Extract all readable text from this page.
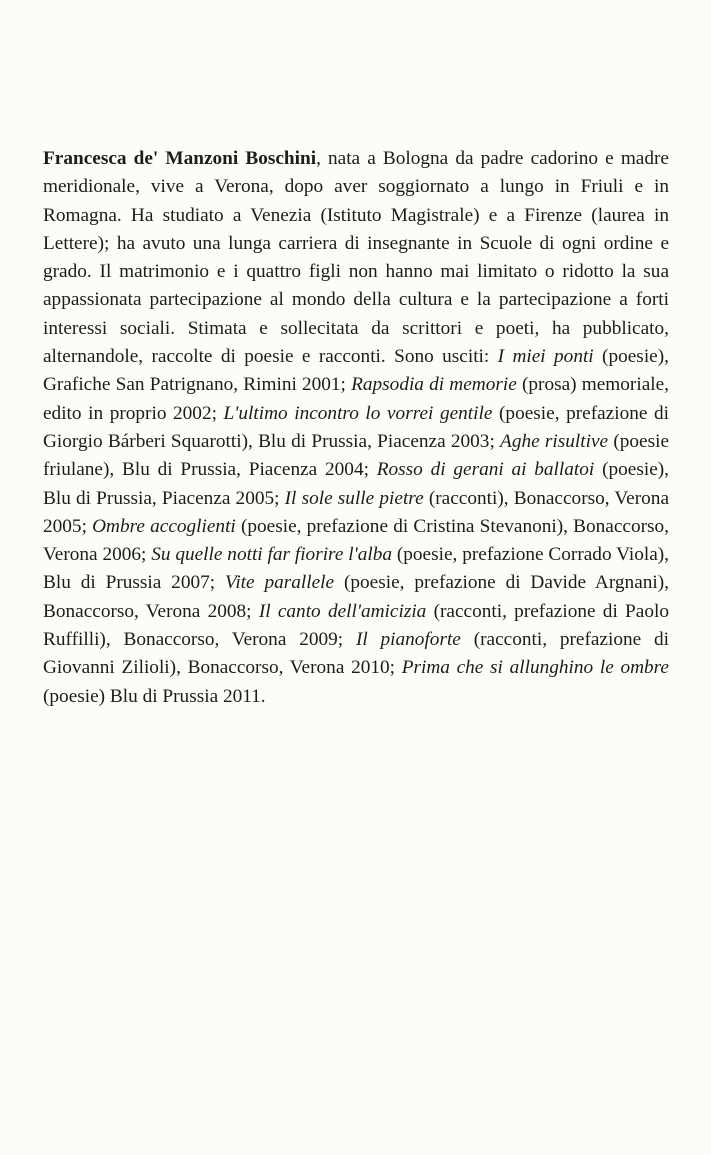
Francesca de' Manzoni Boschini, nata a Bologna da padre cadorino e madre meridionale, vive a Verona, dopo aver soggiornato a lungo in Friuli e in Romagna. Ha studiato a Venezia (Istituto Magistrale) e a Firenze (laurea in Lettere); ha avuto una lunga carriera di insegnante in Scuole di ogni ordine e grado. Il matrimonio e i quattro figli non hanno mai limitato o ridotto la sua appassionata partecipazione al mondo della cultura e la partecipazione a forti interessi sociali. Stimata e sollecitata da scrittori e poeti, ha pubblicato, alternandole, raccolte di poesie e racconti. Sono usciti: I miei ponti (poesie), Grafiche San Patrignano, Rimini 2001; Rapsodia di memorie (prosa) memoriale, edito in proprio 2002; L'ultimo incontro lo vorrei gentile (poesie, prefazione di Giorgio Bárberi Squarotti), Blu di Prussia, Piacenza 2003; Aghe risultive (poesie friulane), Blu di Prussia, Piacenza 2004; Rosso di gerani ai ballatoi (poesie), Blu di Prussia, Piacenza 2005; Il sole sulle pietre (racconti), Bonaccorso, Verona 2005; Ombre accoglienti (poesie, prefazione di Cristina Stevanoni), Bonaccorso, Verona 2006; Su quelle notti far fiorire l'alba (poesie, prefazione Corrado Viola), Blu di Prussia 2007; Vite parallele (poesie, prefazione di Davide Argnani), Bonaccorso, Verona 2008; Il canto dell'amicizia (racconti, prefazione di Paolo Ruffilli), Bonaccorso, Verona 2009; Il pianoforte (racconti, prefazione di Giovanni Zilioli), Bonaccorso, Verona 2010; Prima che si allunghino le ombre (poesie) Blu di Prussia 2011.
